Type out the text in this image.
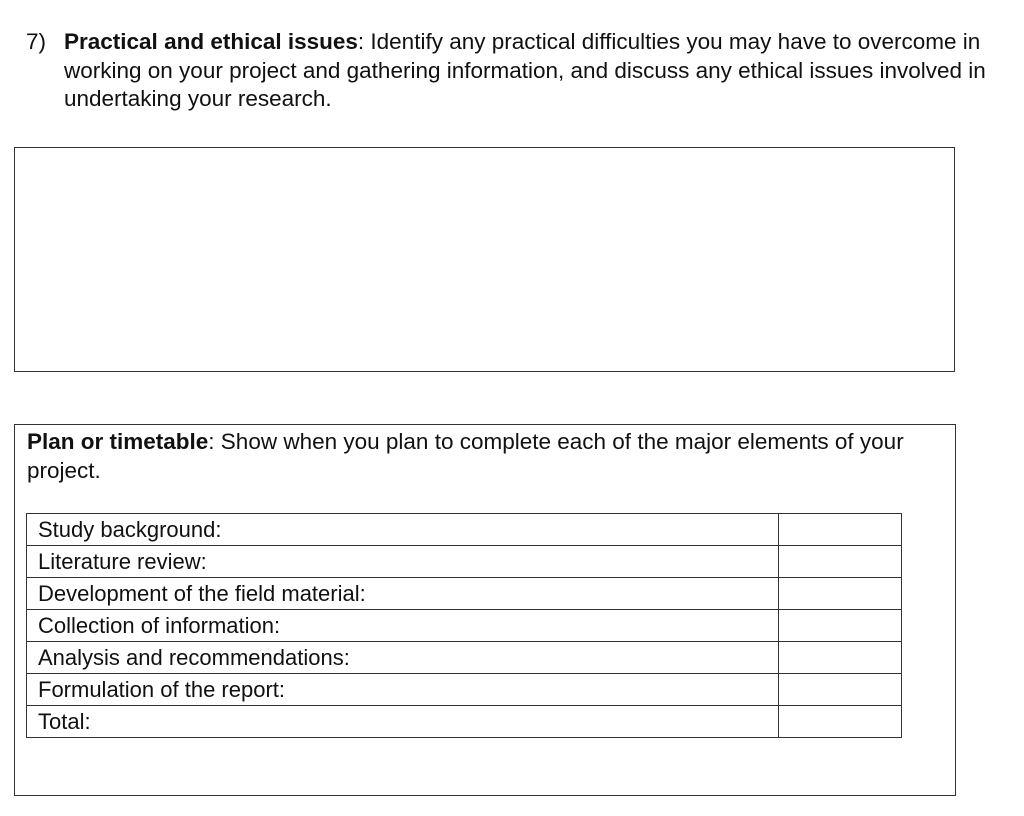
7) Practical and ethical issues: Identify any practical difficulties you may have to overcome in working on your project and gathering information, and discuss any ethical issues involved in undertaking your research.
Plan or timetable: Show when you plan to complete each of the major elements of your project.
Study background:	
Literature review:	
Development of the field material:	
Collection of information:	
Analysis and recommendations:	
Formulation of the report:	
Total:	
